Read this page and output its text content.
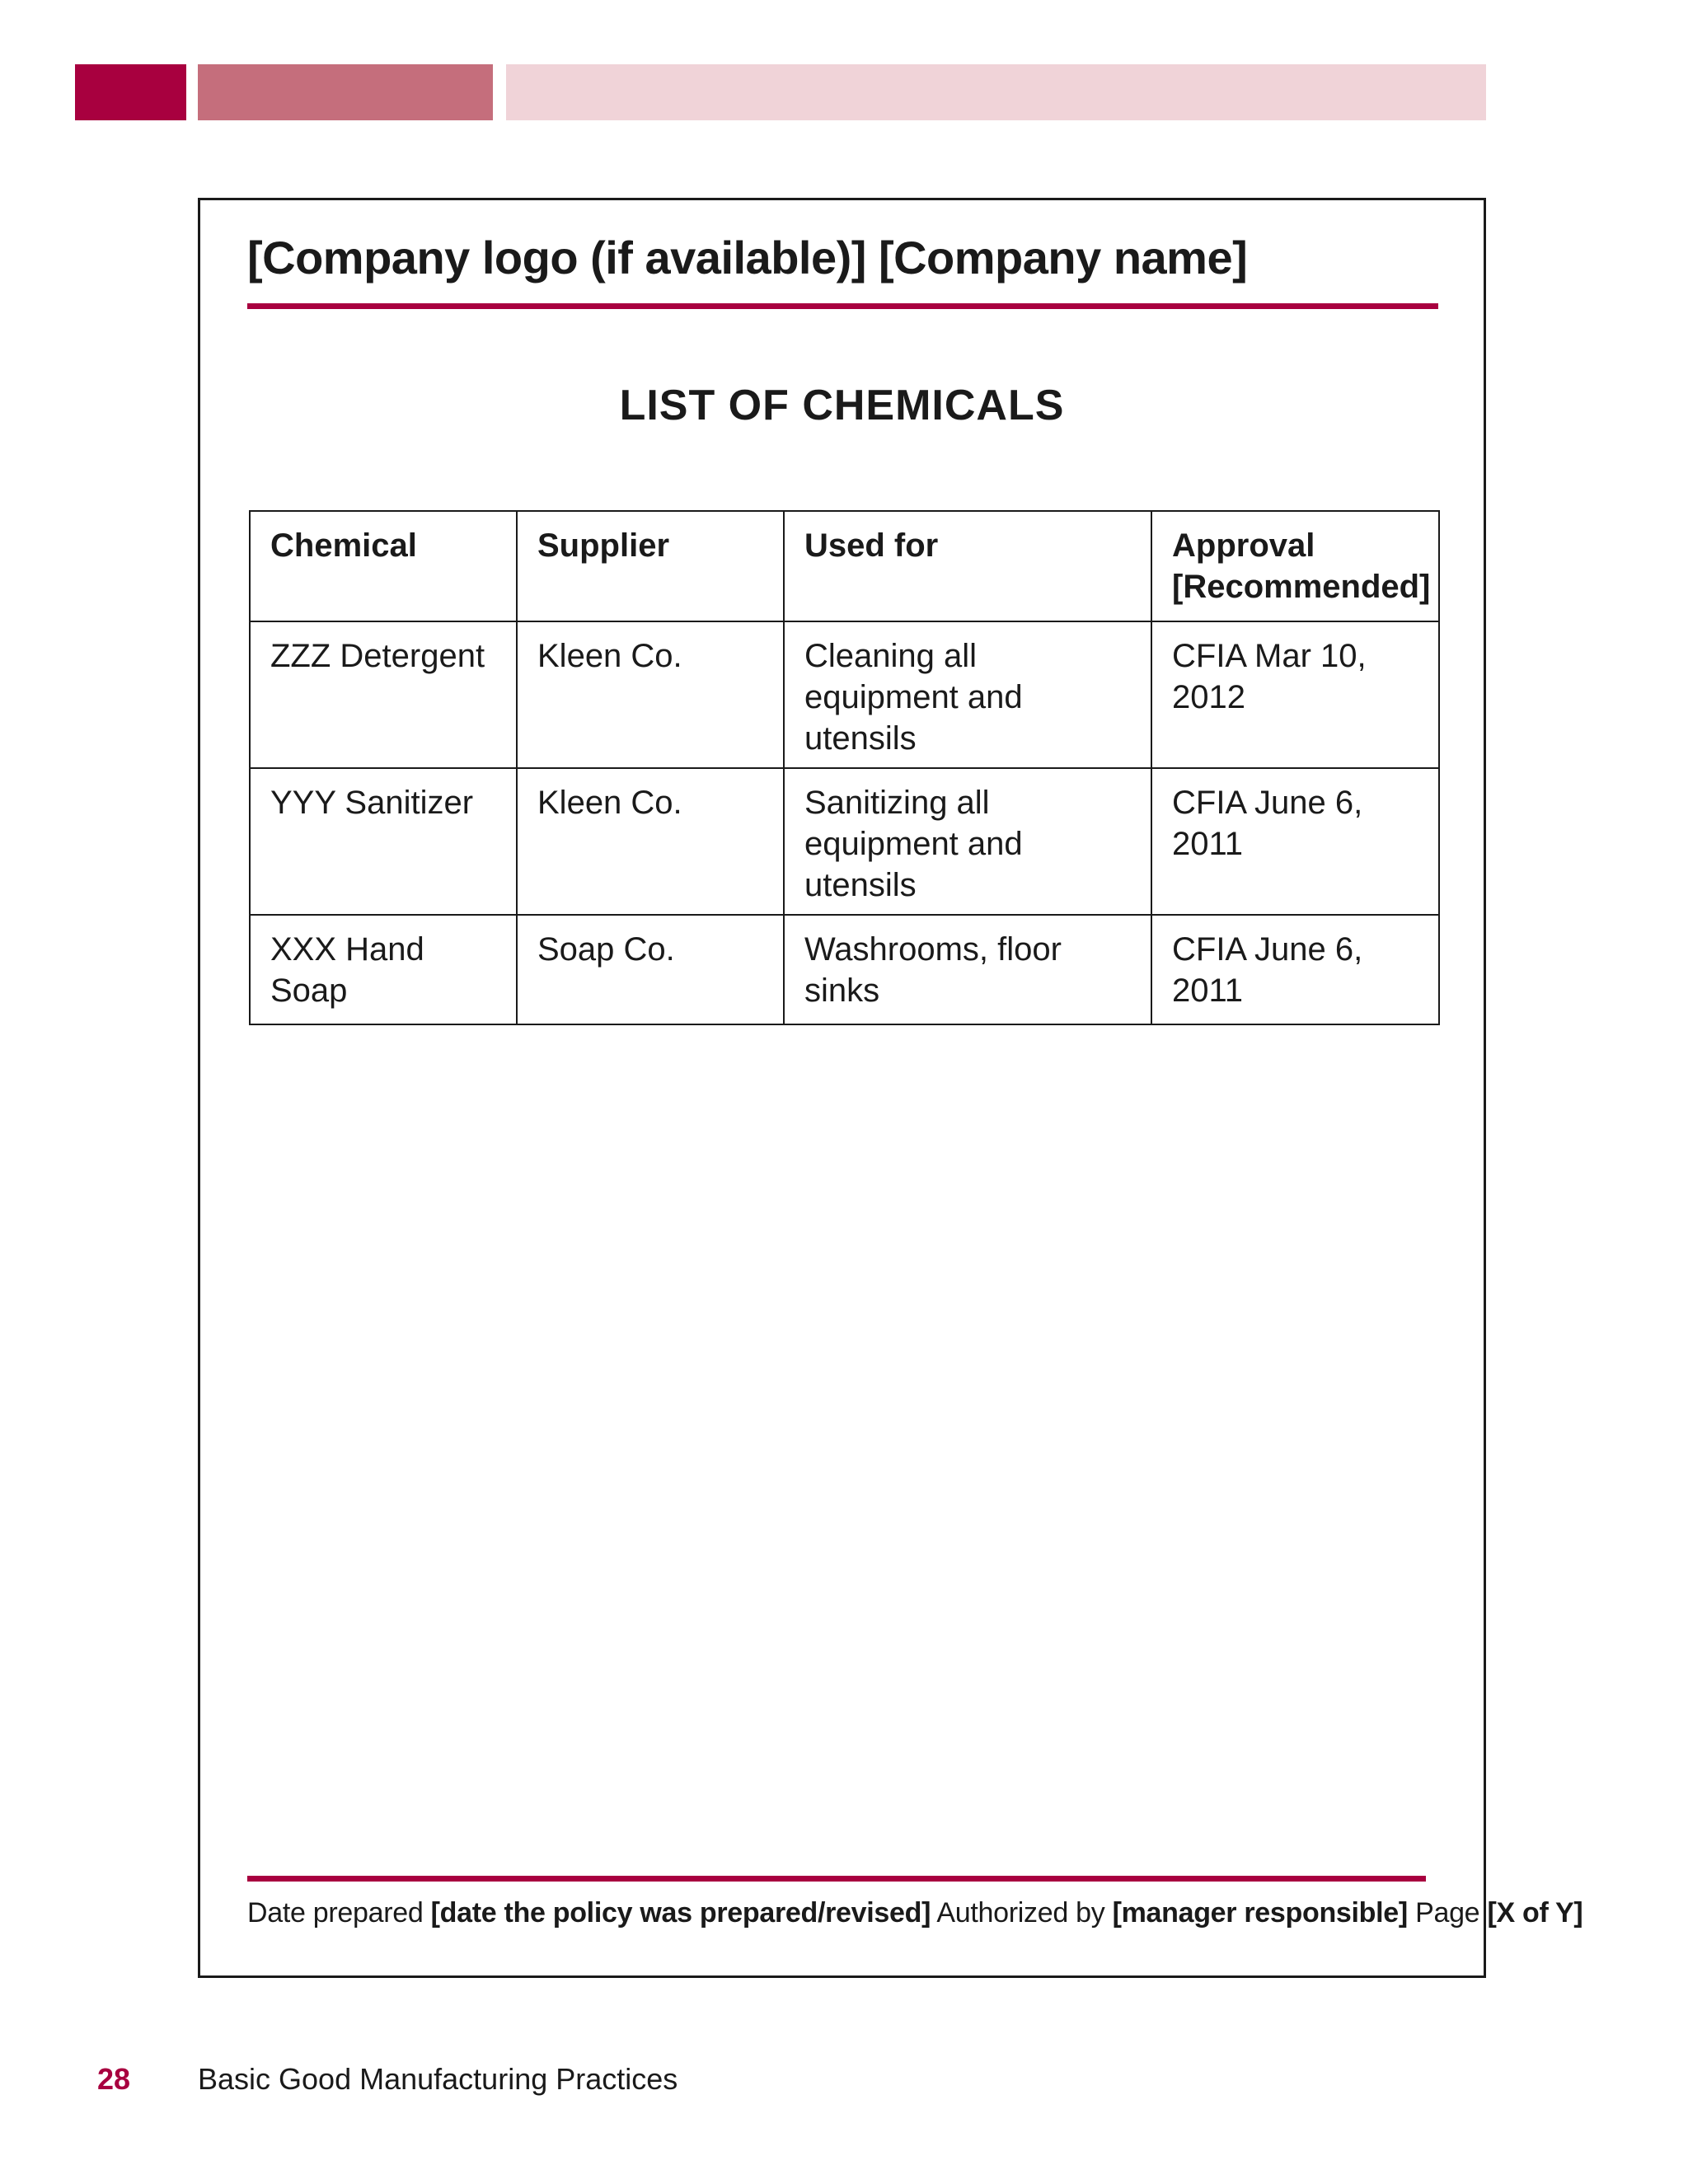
[Company logo (if available)] [Company name]
LIST OF CHEMICALS
Chemical	Supplier	Used for	Approval [Recommended]
ZZZ Detergent	Kleen Co.	Cleaning all equipment and utensils	CFIA Mar 10, 2012
YYY Sanitizer	Kleen Co.	Sanitizing all equipment and utensils	CFIA June 6, 2011
XXX Hand Soap	Soap Co.	Washrooms, floor sinks	CFIA June 6, 2011
Date prepared [date the policy was prepared/revised] Authorized by [manager responsible] Page [X of Y]
28 Basic Good Manufacturing Practices
